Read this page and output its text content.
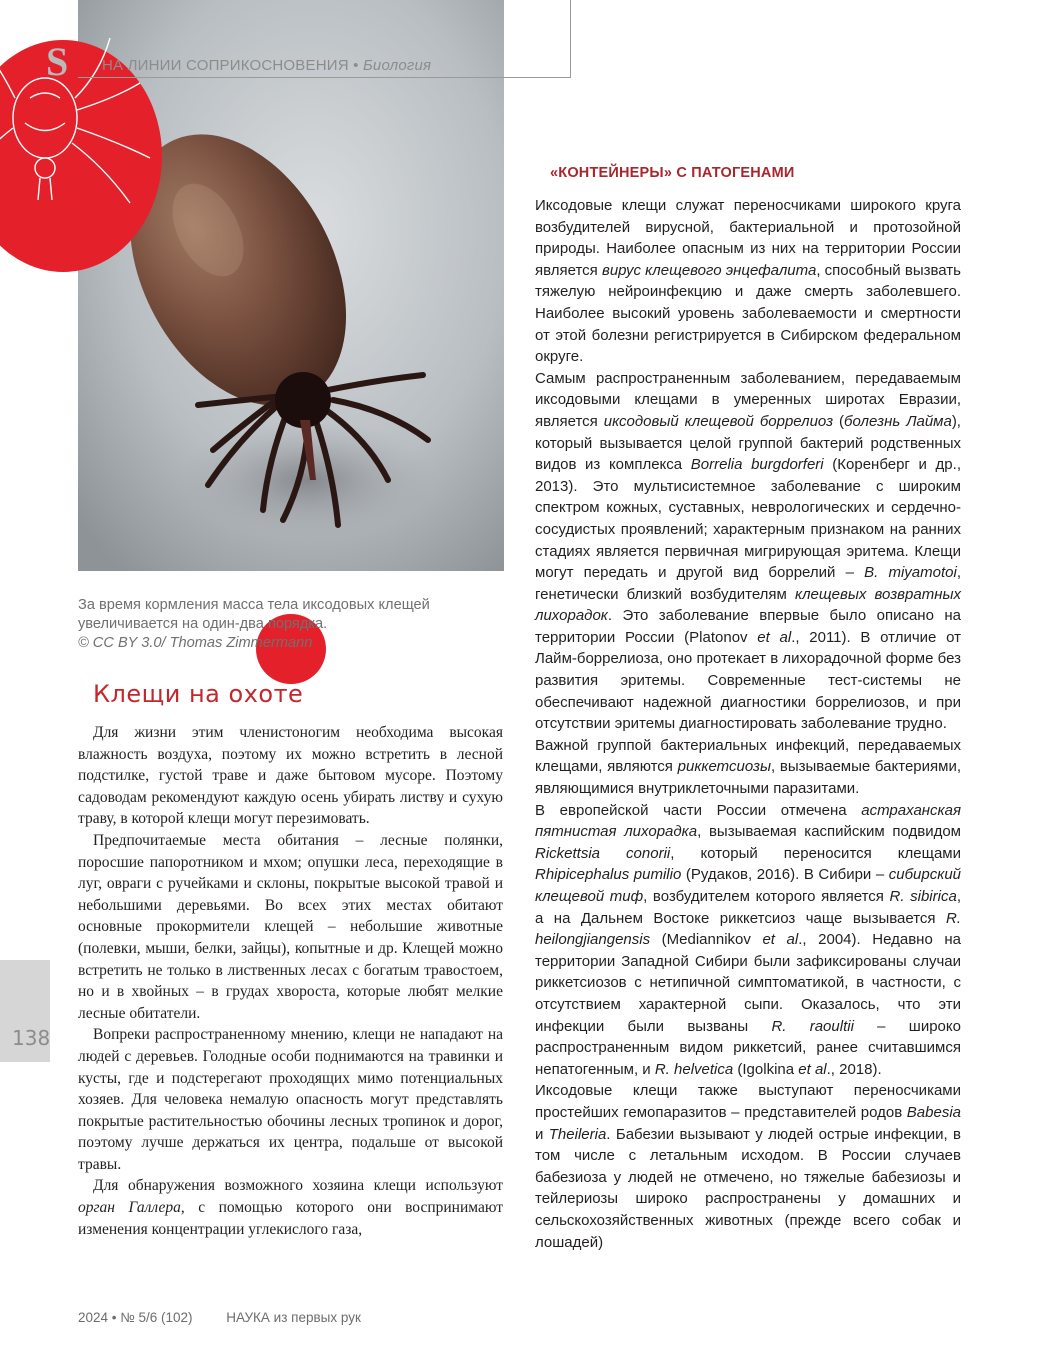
S НА ЛИНИИ СОПРИКОСНОВЕНИЯ • Биология
За время кормления масса тела иксодовых клещей
увеличивается на один-два порядка.
© CC BY 3.0/ Thomas Zimmermann
Клещи на охоте

Для жизни этим членистоногим необходима высокая влажность воздуха, поэтому их можно встретить в лесной подстилке, густой траве и даже бытовом мусоре. Поэтому садоводам рекомендуют каждую осень убирать листву и сухую траву, в которой клещи могут перезимовать.

Предпочитаемые места обитания – лесные полянки, поросшие папоротником и мхом; опушки леса, переходящие в луг, овраги с ручейками и склоны, покрытые высокой травой и небольшими деревьями. Во всех этих местах обитают основные прокормители клещей – небольшие животные (полевки, мыши, белки, зайцы), копытные и др. Клещей можно встретить не только в лиственных лесах с богатым травостоем, но и в хвойных – в грудах хвороста, которые любят мелкие лесные обитатели.

Вопреки распространенному мнению, клещи не нападают на людей с деревьев. Голодные особи поднимаются на травинки и кусты, где и подстерегают проходящих мимо потенциальных хозяев. Для человека немалую опасность могут представлять покрытые растительностью обочины лесных тропинок и дорог, поэтому лучше держаться их центра, подальше от высокой травы.

Для обнаружения возможного хозяина клещи используют орган Галлера, с помощью которого они воспринимают изменения концентрации углекислого газа,

«КОНТЕЙНЕРЫ» С ПАТОГЕНАМИ

Иксодовые клещи служат переносчиками широкого круга возбудителей вирусной, бактериальной и протозойной природы. Наиболее опасным из них на территории России является вирус клещевого энцефалита, способный вызвать тяжелую нейроинфекцию и даже смерть заболевшего. Наиболее высокий уровень заболеваемости и смертности от этой болезни регистрируется в Сибирском федеральном округе.

Самым распространенным заболеванием, передаваемым иксодовыми клещами в умеренных широтах Евразии, является иксодовый клещевой боррелиоз (болезнь Лайма), который вызывается целой группой бактерий родственных видов из комплекса Borrelia burgdorferi (Коренберг и др., 2013). Это мультисистемное заболевание с широким спектром кожных, суставных, неврологических и сердечно-сосудистых проявлений; характерным признаком на ранних стадиях является первичная мигрирующая эритема. Клещи могут передать и другой вид боррелий – B. miyamotoi, генетически близкий возбудителям клещевых возвратных лихорадок. Это заболевание впервые было описано на территории России (Platonov et al., 2011). В отличие от Лайм-боррелиоза, оно протекает в лихорадочной форме без развития эритемы. Современные тест-системы не обеспечивают надежной диагностики боррелиозов, и при отсутствии эритемы диагностировать заболевание трудно.

Важной группой бактериальных инфекций, передаваемых клещами, являются риккетсиозы, вызываемые бактериями, являющимися внутриклеточными паразитами.

В европейской части России отмечена астраханская пятнистая лихорадка, вызываемая каспийским подвидом Rickettsia conorii, который переносится клещами Rhipicephalus pumilio (Рудаков, 2016). В Сибири – сибирский клещевой тиф, возбудителем которого является R. sibirica, а на Дальнем Востоке риккетсиоз чаще вызывается R. heilongjiangensis (Mediannikov et al., 2004). Недавно на территории Западной Сибири были зафиксированы случаи риккетсиозов с нетипичной симптоматикой, в частности, с отсутствием характерной сыпи. Оказалось, что эти инфекции были вызваны R. raoultii – широко распространенным видом риккетсий, ранее считавшимся непатогенным, и R. helvetica (Igolkina et al., 2018).

Иксодовые клещи также выступают переносчиками простейших гемопаразитов – представителей родов Babesia и Theileria. Бабезии вызывают у людей острые инфекции, в том числе с летальным исходом. В России случаев бабезиоза у людей не отмечено, но тяжелые бабезиозы и тейлериозы широко распространены у домашних и сельскохозяйственных животных (прежде всего собак и лошадей)

138
2024 • № 5/6 (102)	НАУКА из первых рук
